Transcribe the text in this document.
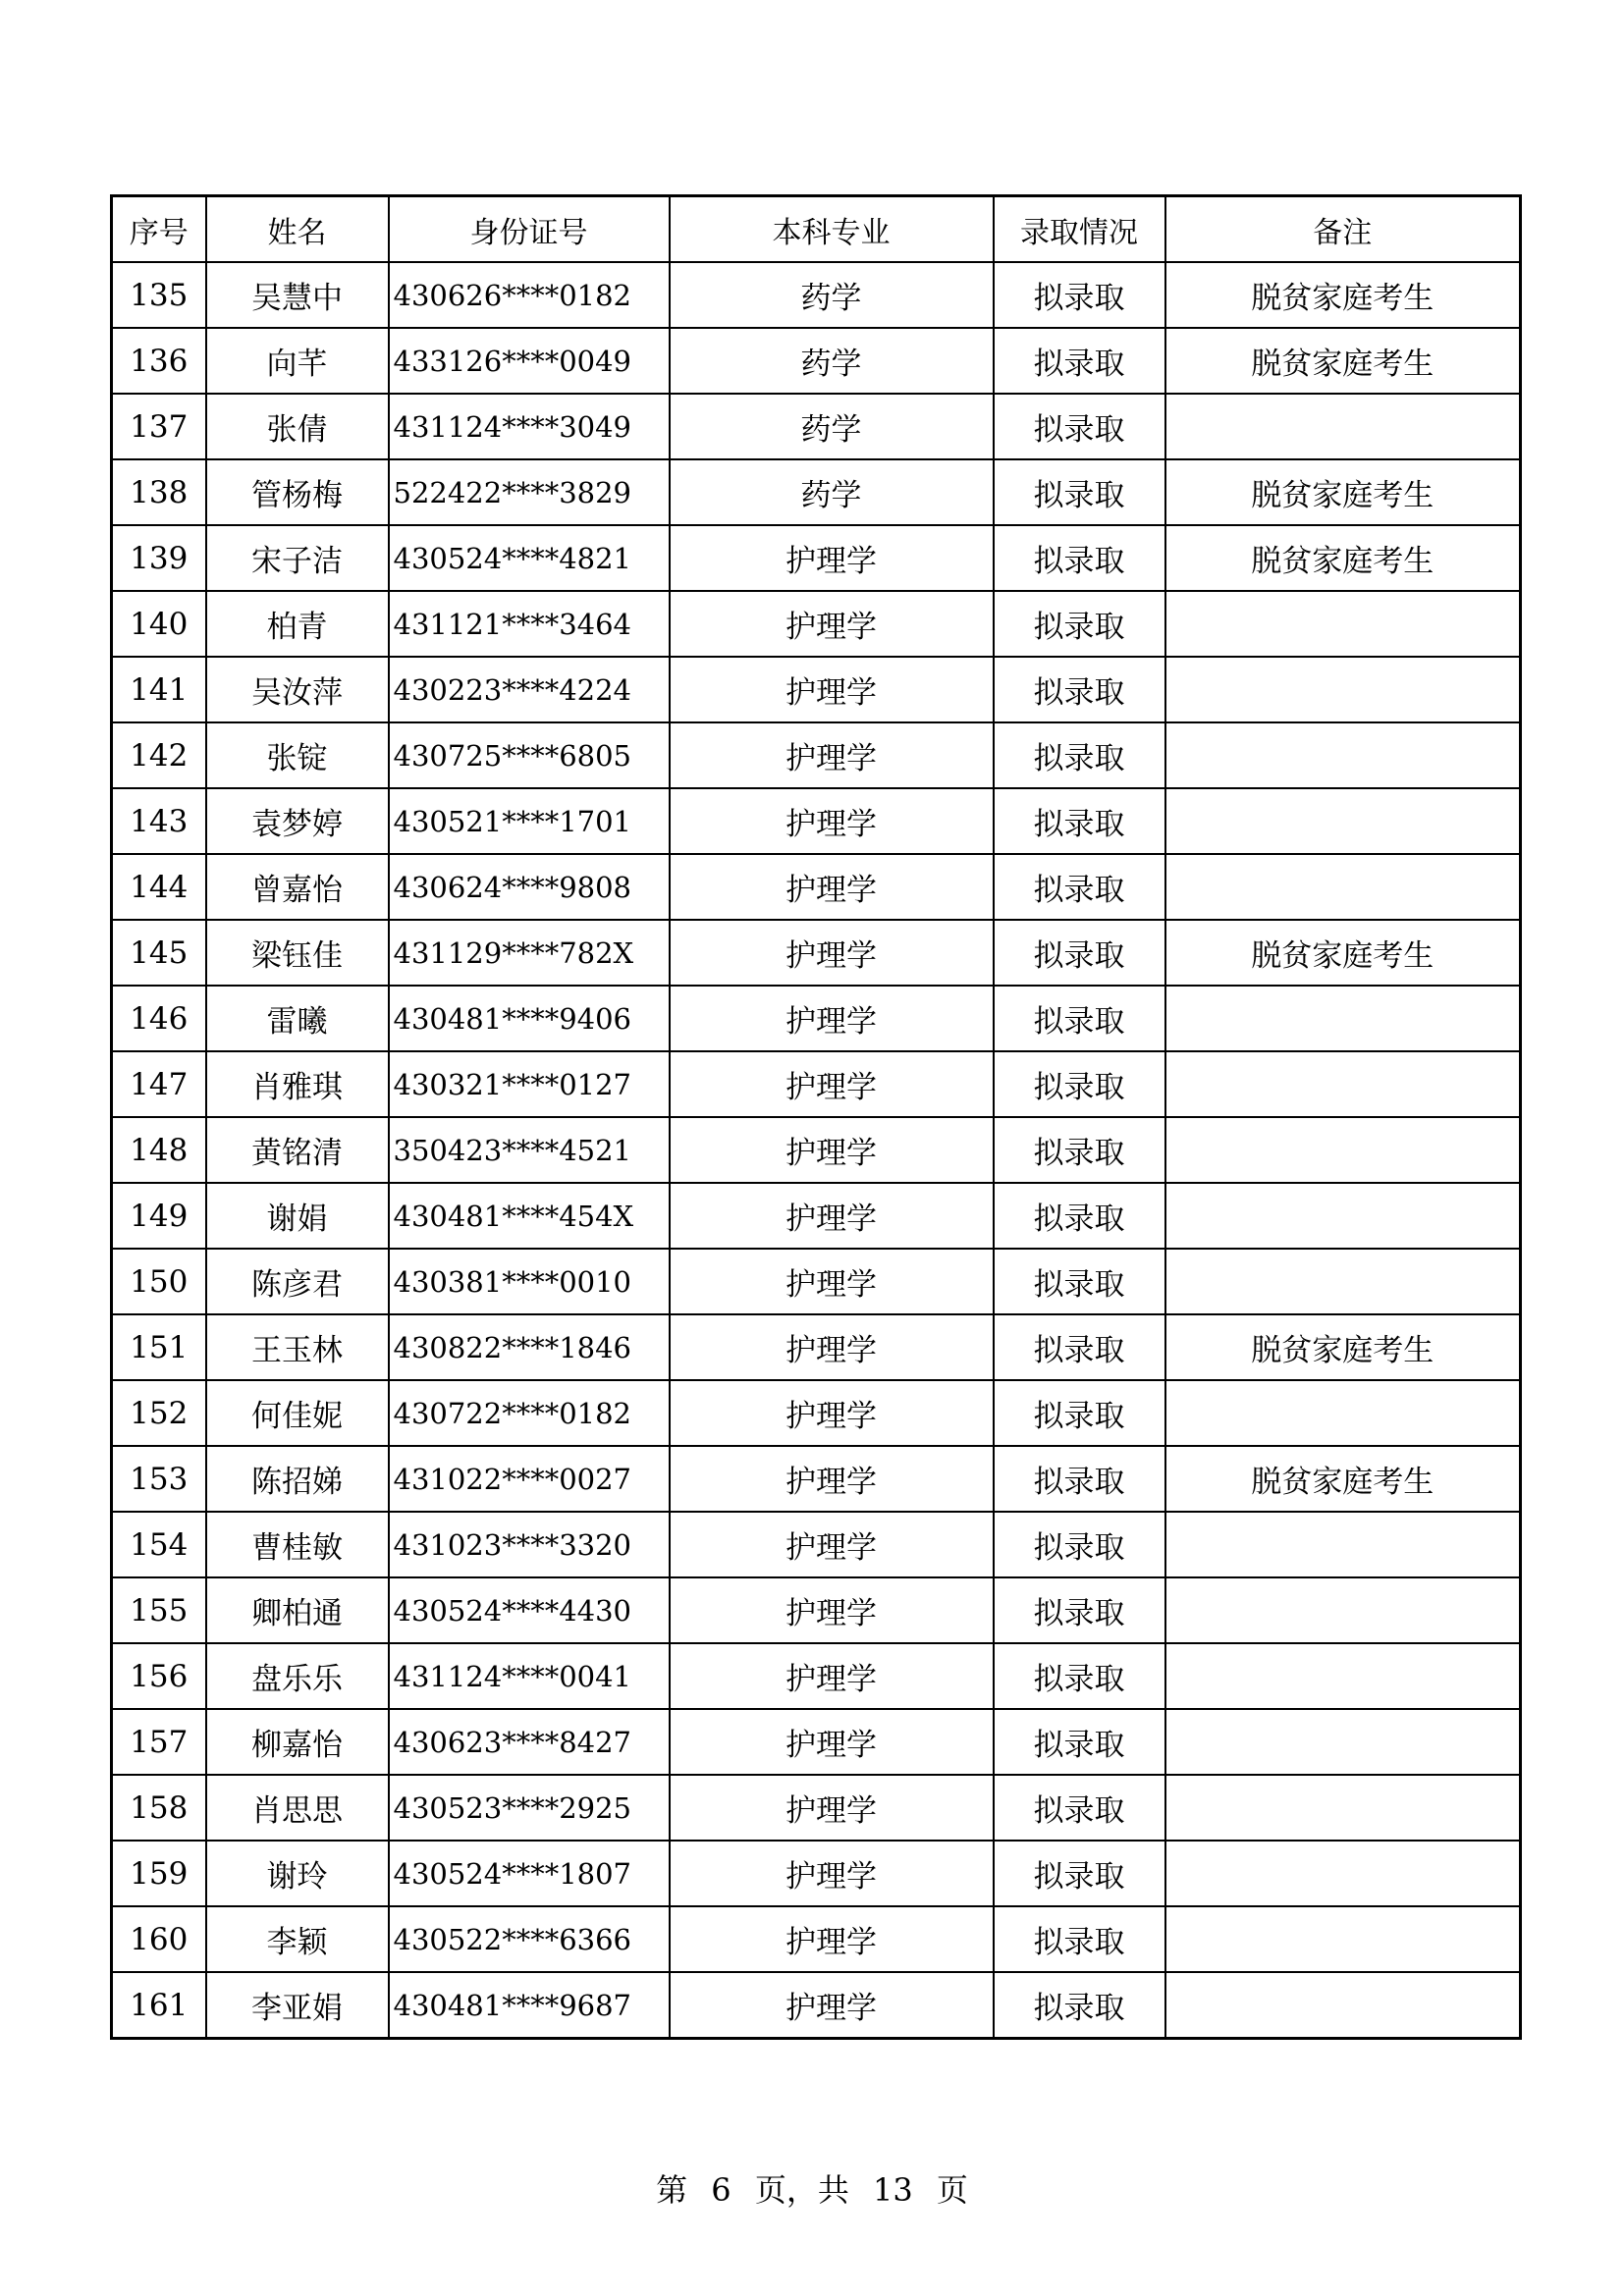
序号	姓名	身份证号	本科专业	录取情况	备注
135	吴慧中	430626****0182	药学	拟录取	脱贫家庭考生
136	向芊	433126****0049	药学	拟录取	脱贫家庭考生
137	张倩	431124****3049	药学	拟录取	
138	管杨梅	522422****3829	药学	拟录取	脱贫家庭考生
139	宋子洁	430524****4821	护理学	拟录取	脱贫家庭考生
140	柏青	431121****3464	护理学	拟录取	
141	吴汝萍	430223****4224	护理学	拟录取	
142	张锭	430725****6805	护理学	拟录取	
143	袁梦婷	430521****1701	护理学	拟录取	
144	曾嘉怡	430624****9808	护理学	拟录取	
145	梁钰佳	431129****782X	护理学	拟录取	脱贫家庭考生
146	雷曦	430481****9406	护理学	拟录取	
147	肖雅琪	430321****0127	护理学	拟录取	
148	黄铭清	350423****4521	护理学	拟录取	
149	谢娟	430481****454X	护理学	拟录取	
150	陈彦君	430381****0010	护理学	拟录取	
151	王玉林	430822****1846	护理学	拟录取	脱贫家庭考生
152	何佳妮	430722****0182	护理学	拟录取	
153	陈招娣	431022****0027	护理学	拟录取	脱贫家庭考生
154	曹桂敏	431023****3320	护理学	拟录取	
155	卿柏通	430524****4430	护理学	拟录取	
156	盘乐乐	431124****0041	护理学	拟录取	
157	柳嘉怡	430623****8427	护理学	拟录取	
158	肖思思	430523****2925	护理学	拟录取	
159	谢玲	430524****1807	护理学	拟录取	
160	李颖	430522****6366	护理学	拟录取	
161	李亚娟	430481****9687	护理学	拟录取	
第 6 页，共 13 页
